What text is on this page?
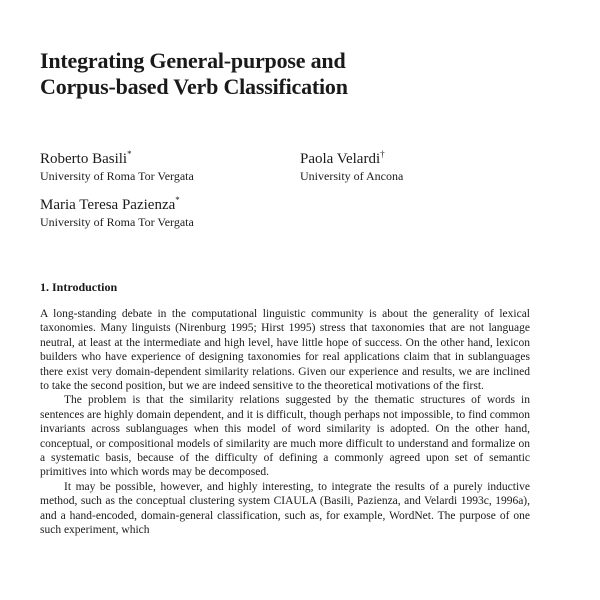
Integrating General-purpose and
Corpus-based Verb Classification
Roberto Basili*
University of Roma Tor Vergata
Paola Velardi†
University of Ancona
Maria Teresa Pazienza*
University of Roma Tor Vergata
1. Introduction

A long-standing debate in the computational linguistic community is about the generality of lexical taxonomies. Many linguists (Nirenburg 1995; Hirst 1995) stress that taxonomies that are not language neutral, at least at the intermediate and high level, have little hope of success. On the other hand, lexicon builders who have experience of designing taxonomies for real applications claim that in sublanguages there exist very domain-dependent similarity relations. Given our experience and results, we are inclined to take the second position, but we are indeed sensitive to the theoretical motivations of the first.

The problem is that the similarity relations suggested by the thematic structures of words in sentences are highly domain dependent, and it is difficult, though perhaps not impossible, to find common invariants across sublanguages when this model of word similarity is adopted. On the other hand, conceptual, or compositional models of similarity are much more difficult to understand and formalize on a systematic basis, because of the difficulty of defining a commonly agreed upon set of semantic primitives into which words may be decomposed.

It may be possible, however, and highly interesting, to integrate the results of a purely inductive method, such as the conceptual clustering system CIAULA (Basili, Pazienza, and Velardi 1993c, 1996a), and a hand-encoded, domain-general classification, such as, for example, WordNet. The purpose of one such experiment, which
